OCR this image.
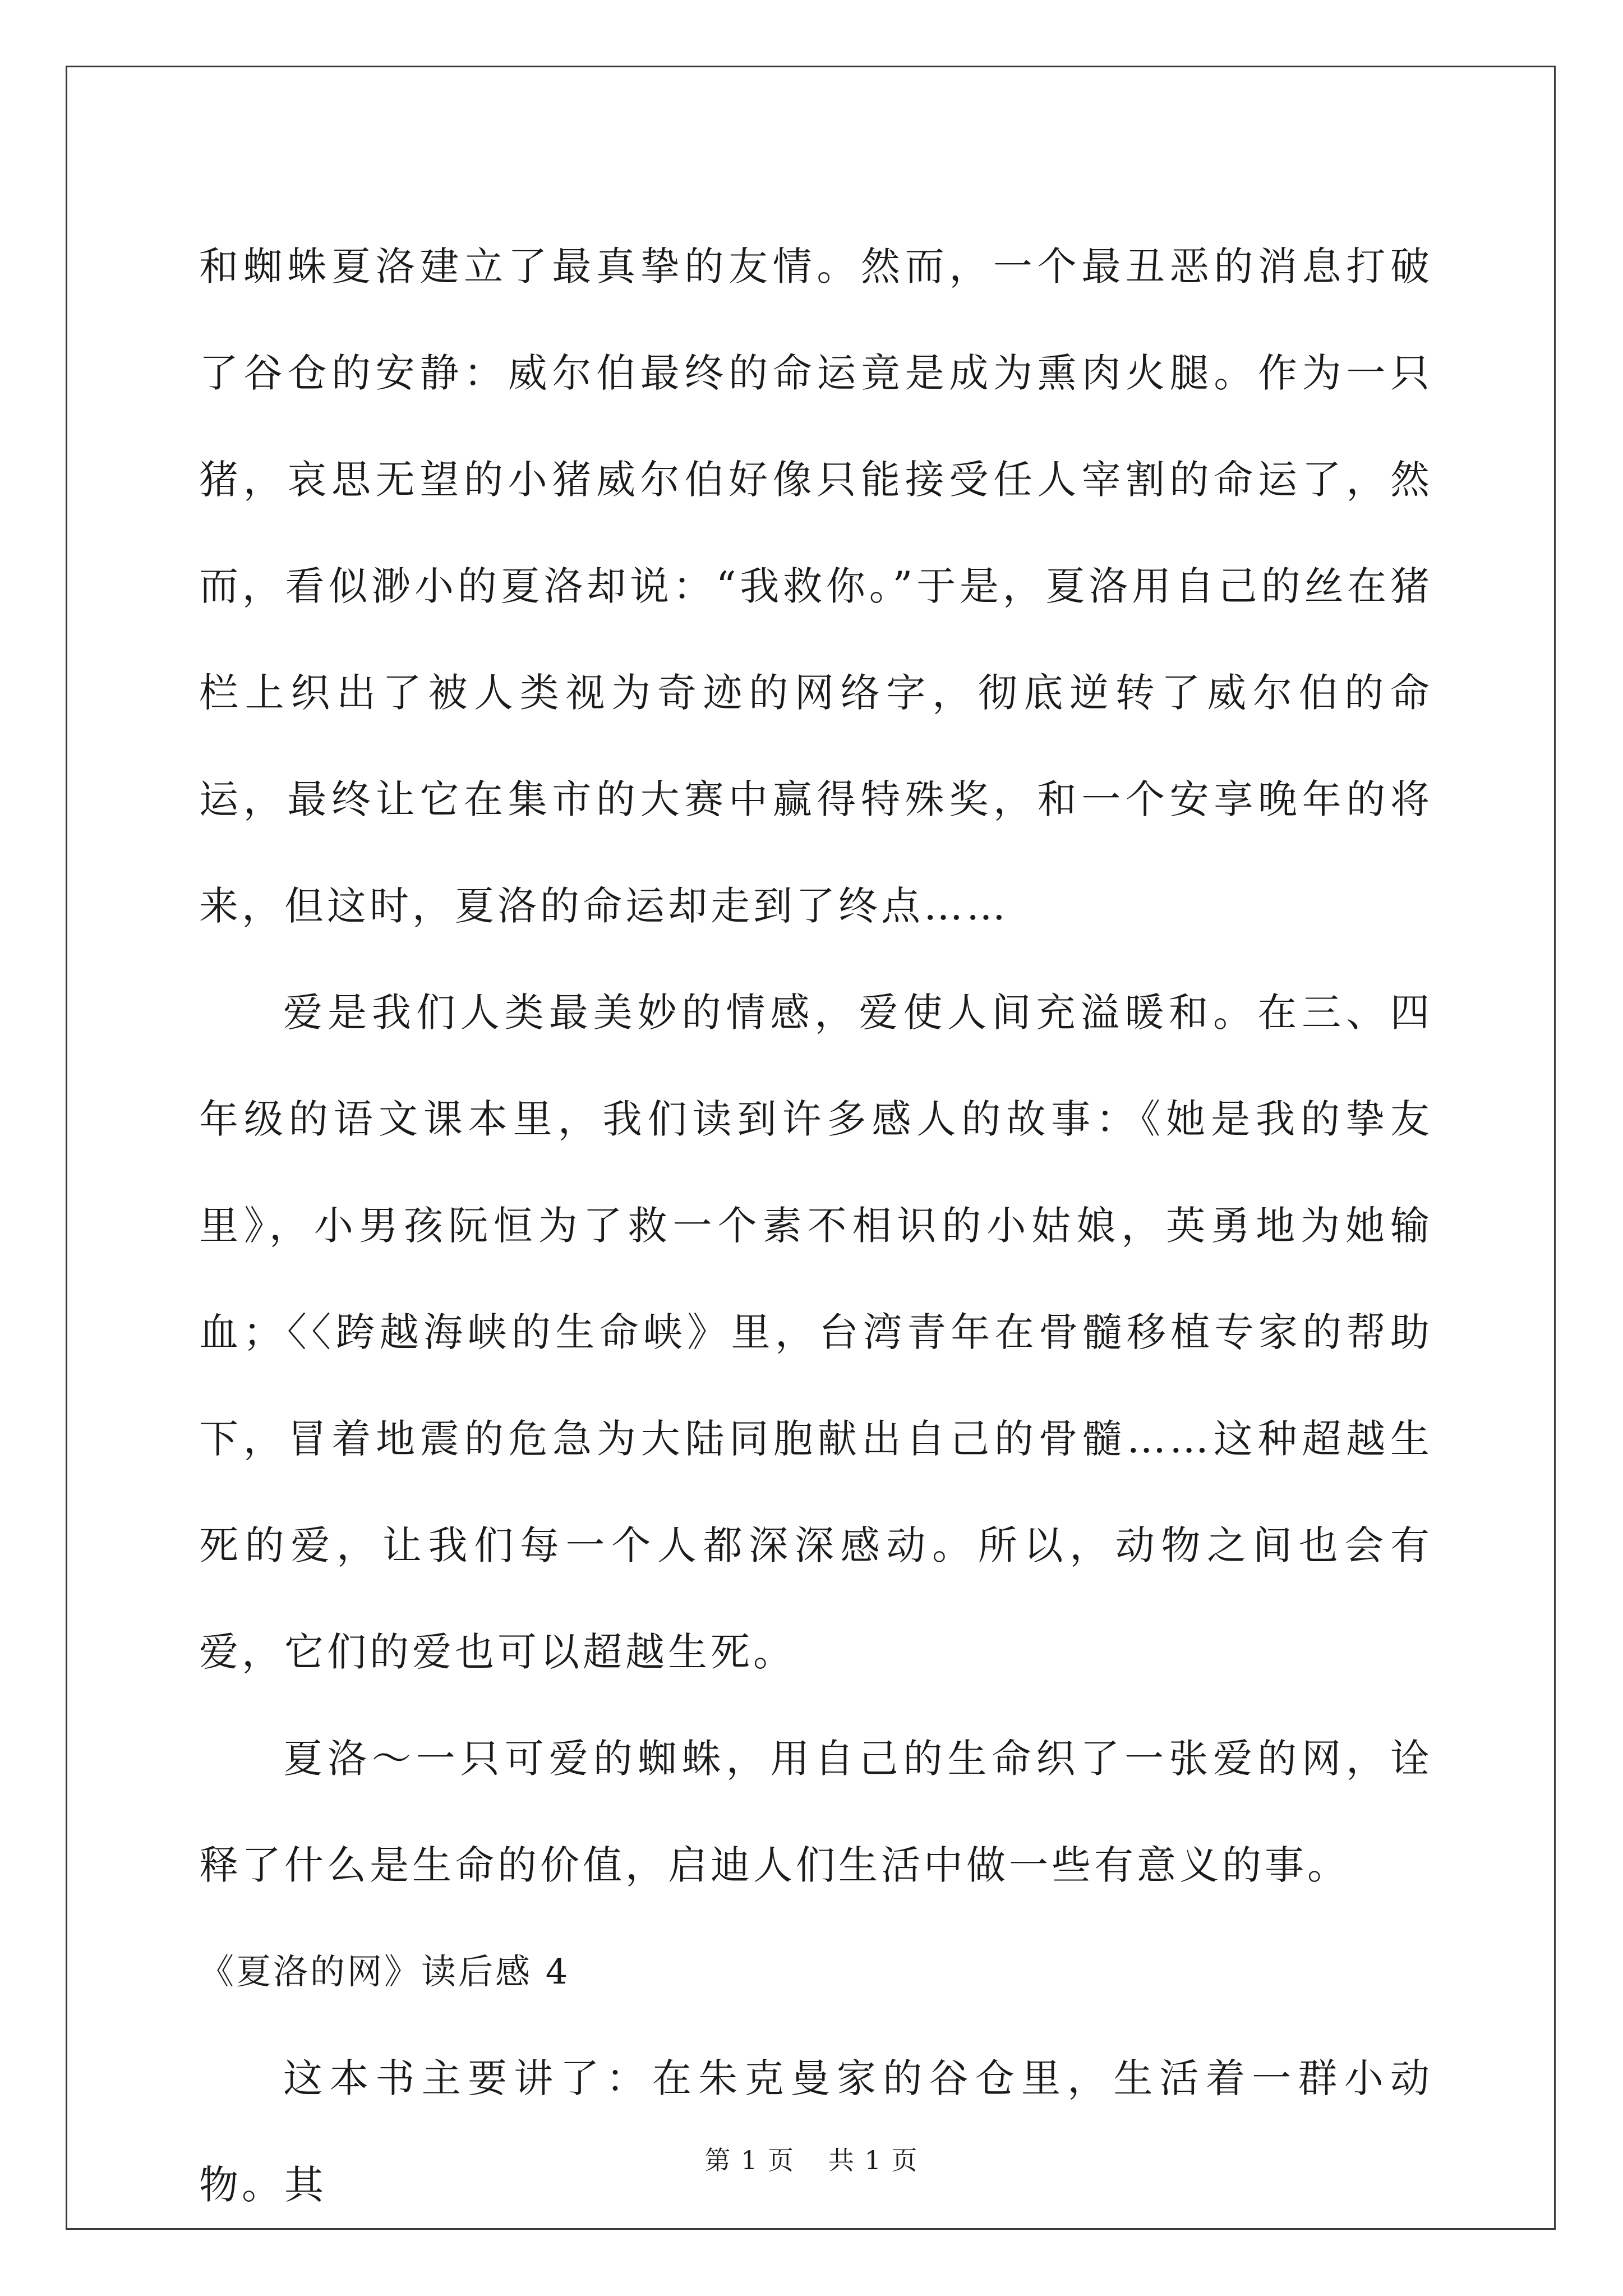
和蜘蛛夏洛建立了最真挚的友情。然而，一个最丑恶的消息打破了谷仓的安静：威尔伯最终的命运竟是成为熏肉火腿。作为一只猪，哀思无望的小猪威尔伯好像只能接受任人宰割的命运了，然而，看似渺小的夏洛却说：“我救你。”于是，夏洛用自己的丝在猪栏上织出了被人类视为奇迹的网络字，彻底逆转了威尔伯的命运，最终让它在集市的大赛中赢得特殊奖，和一个安享晚年的将来，但这时，夏洛的命运却走到了终点……

爱是我们人类最美妙的情感，爱使人间充溢暖和。在三、四年级的语文课本里，我们读到许多感人的故事：《她是我的挚友里》，小男孩阮恒为了救一个素不相识的小姑娘，英勇地为她输血；〈〈跨越海峡的生命峡》里，台湾青年在骨髓移植专家的帮助下，冒着地震的危急为大陆同胞献出自己的骨髓……这种超越生死的爱，让我们每一个人都深深感动。所以，动物之间也会有爱，它们的爱也可以超越生死。

夏洛～一只可爱的蜘蛛，用自己的生命织了一张爱的网，诠释了什么是生命的价值，启迪人们生活中做一些有意义的事。

《夏洛的网》读后感 4

这本书主要讲了：在朱克曼家的谷仓里，生活着一群小动物。其

第 1 页 共 1 页
